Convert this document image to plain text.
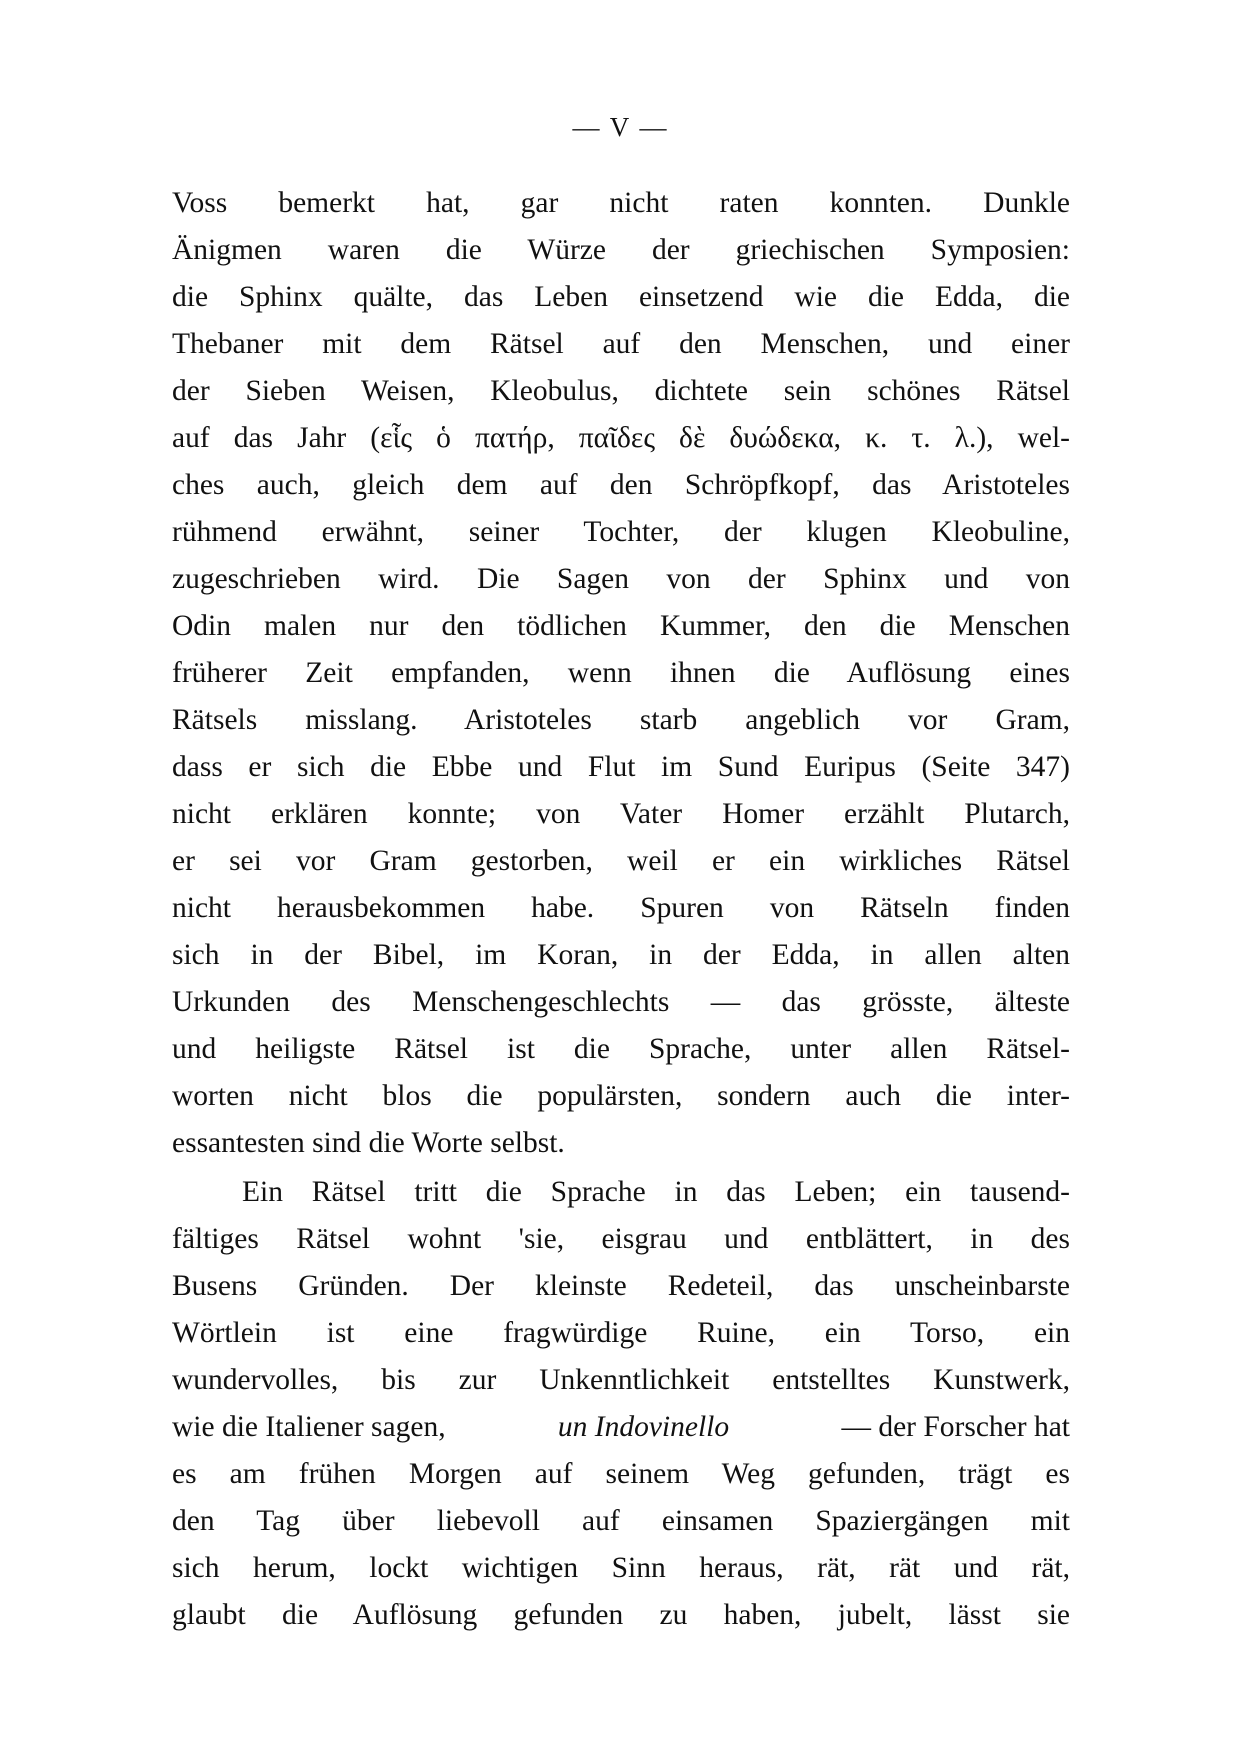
— V —
Voss bemerkt hat, gar nicht raten konnten. Dunkle
Änigmen waren die Würze der griechischen Symposien:
die Sphinx quälte, das Leben einsetzend wie die Edda, die
Thebaner mit dem Rätsel auf den Menschen, und einer
der Sieben Weisen, Kleobulus, dichtete sein schönes Rätsel
auf das Jahr (εἷς ὁ πατήρ, παῖδες δὲ δυώδεκα, κ. τ. λ.), wel-
ches auch, gleich dem auf den Schröpfkopf, das Aristoteles
rühmend erwähnt, seiner Tochter, der klugen Kleobuline,
zugeschrieben wird. Die Sagen von der Sphinx und von
Odin malen nur den tödlichen Kummer, den die Menschen
früherer Zeit empfanden, wenn ihnen die Auflösung eines
Rätsels misslang. Aristoteles starb angeblich vor Gram,
dass er sich die Ebbe und Flut im Sund Euripus (Seite 347)
nicht erklären konnte; von Vater Homer erzählt Plutarch,
er sei vor Gram gestorben, weil er ein wirkliches Rätsel
nicht herausbekommen habe. Spuren von Rätseln finden
sich in der Bibel, im Koran, in der Edda, in allen alten
Urkunden des Menschengeschlechts — das grösste, älteste
und heiligste Rätsel ist die Sprache, unter allen Rätsel-
worten nicht blos die populärsten, sondern auch die inter-
essantesten sind die Worte selbst.
Ein Rätsel tritt die Sprache in das Leben; ein tausend-
fältiges Rätsel wohnt 'sie, eisgrau und entblättert, in des
Busens Gründen. Der kleinste Redeteil, das unscheinbarste
Wörtlein ist eine fragwürdige Ruine, ein Torso, ein
wundervolles, bis zur Unkenntlichkeit entstelltes Kunstwerk,
wie die Italiener sagen,	un Indovinello	— der Forscher hat
es am frühen Morgen auf seinem Weg gefunden, trägt es
den Tag über liebevoll auf einsamen Spaziergängen mit
sich herum, lockt wichtigen Sinn heraus, rät, rät und rät,
glaubt die Auflösung gefunden zu haben, jubelt, lässt sie
